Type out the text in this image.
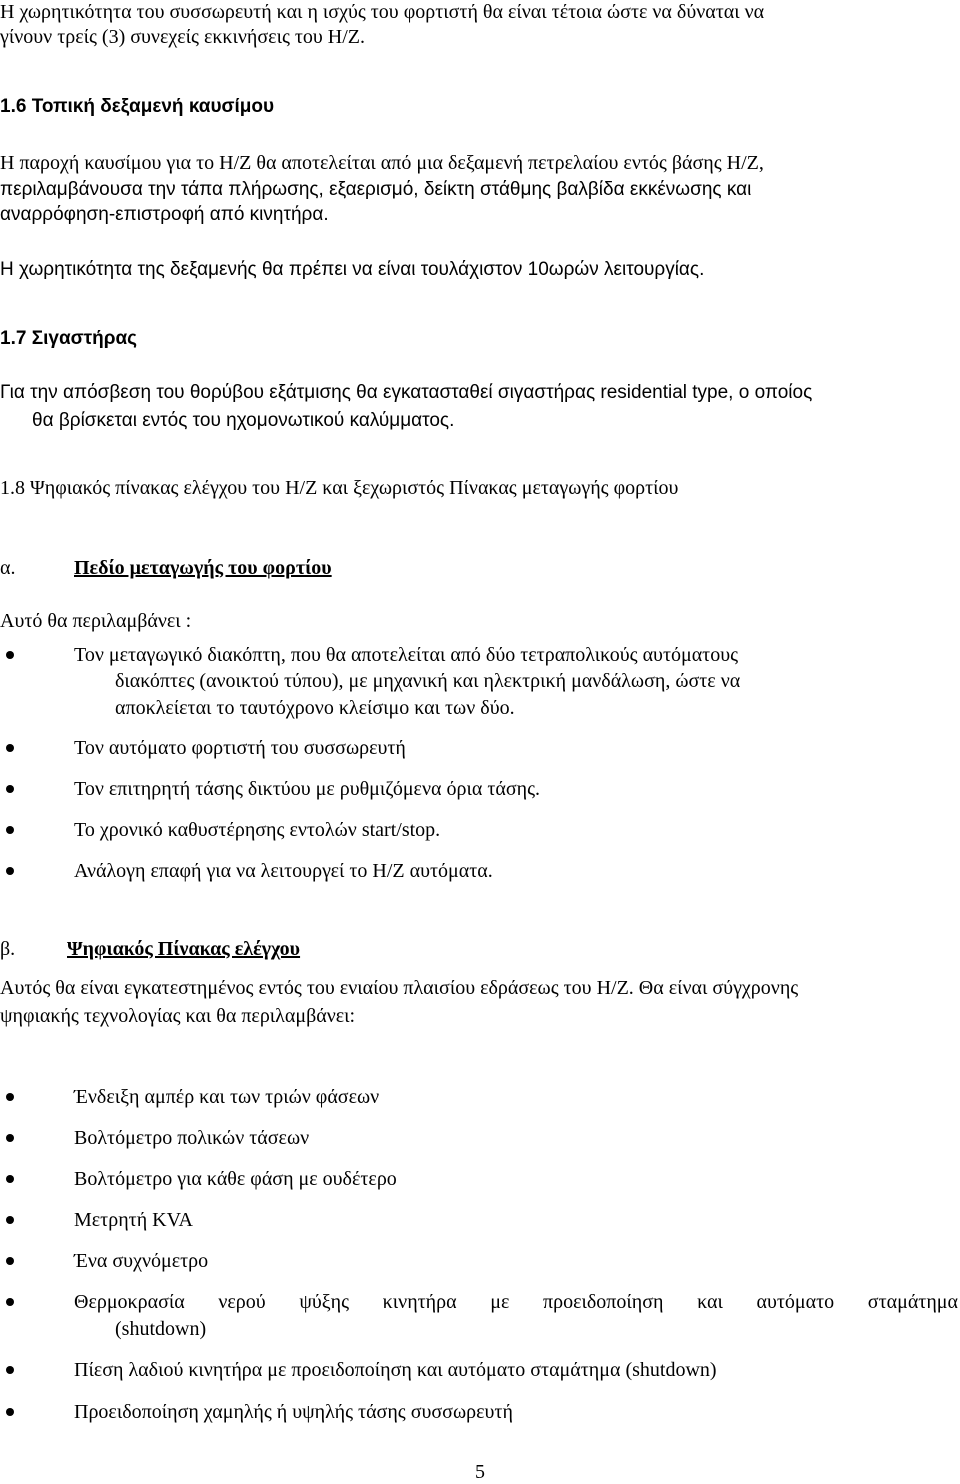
Η χωρητικότητα του συσσωρευτή και η ισχύς του φορτιστή θα είναι τέτοια ώστε να δύναται να
γίνουν τρείς (3) συνεχείς εκκινήσεις του Η/Ζ.
1.6 Τοπική δεξαμενή καυσίμου
Η παροχή καυσίμου για το Η/Ζ θα αποτελείται από μια δεξαμενή πετρελαίου εντός βάσης Η/Ζ,
περιλαμβάνουσα την τάπα πλήρωσης, εξαερισμό, δείκτη στάθμης βαλβίδα εκκένωσης και
αναρρόφηση-επιστροφή από κινητήρα.
Η χωρητικότητα της δεξαμενής θα πρέπει να είναι τουλάχιστον 10ωρών λειτουργίας.
1.7 Σιγαστήρας
Για την απόσβεση του θορύβου εξάτμισης θα εγκατασταθεί σιγαστήρας residential type, ο οποίος
θα βρίσκεται εντός του ηχομονωτικού καλύμματος.
1.8 Ψηφιακός πίνακας ελέγχου του Η/Ζ και ξεχωριστός Πίνακας μεταγωγής φορτίου
α.	Πεδίο μεταγωγής του φορτίου
Αυτό θα περιλαμβάνει :
Τον μεταγωγικό διακόπτη, που θα αποτελείται από δύο τετραπολικούς αυτόματους
διακόπτες (ανοικτού τύπου), με μηχανική και ηλεκτρική μανδάλωση, ώστε να
αποκλείεται το ταυτόχρονο κλείσιμο και των δύο.
Τον αυτόματο φορτιστή του συσσωρευτή
Τον επιτηρητή τάσης δικτύου με ρυθμιζόμενα όρια τάσης.
Το χρονικό καθυστέρησης εντολών start/stop.
Ανάλογη επαφή για να λειτουργεί το Η/Ζ αυτόματα.
β.	Ψηφιακός Πίνακας ελέγχου
Αυτός θα είναι εγκατεστημένος εντός του ενιαίου πλαισίου εδράσεως του Η/Ζ. Θα είναι σύγχρονης
ψηφιακής τεχνολογίας και θα περιλαμβάνει:
Ένδειξη αμπέρ και των τριών φάσεων
Βολτόμετρο πολικών τάσεων
Βολτόμετρο για κάθε φάση με ουδέτερο
Μετρητή KVA
Ένα συχνόμετρο
Θερμοκρασία νερού ψύξης κινητήρα με προειδοποίηση και αυτόματο σταμάτημα
(shutdown)
Πίεση λαδιού κινητήρα με προειδοποίηση και αυτόματο σταμάτημα (shutdown)
Προειδοποίηση χαμηλής ή υψηλής τάσης συσσωρευτή
5
